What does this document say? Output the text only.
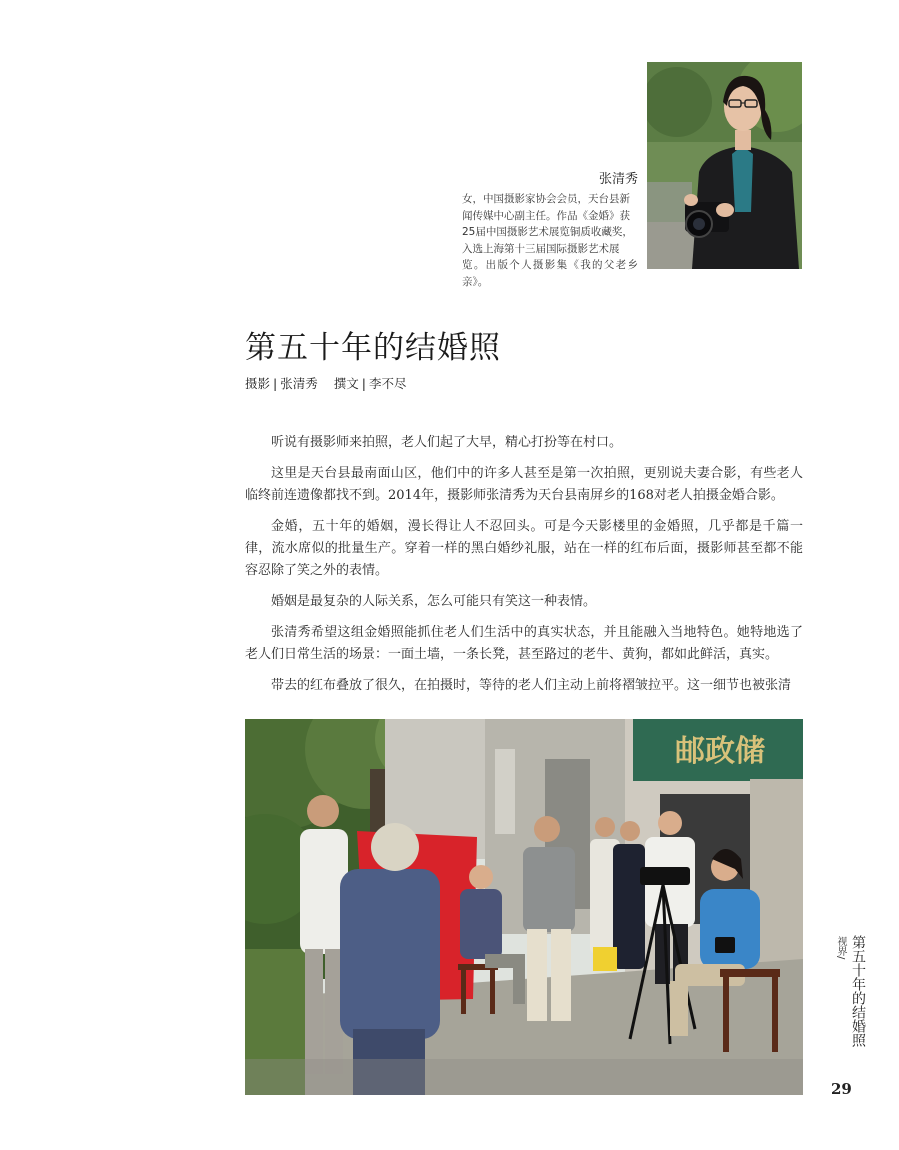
张清秀
女，中国摄影家协会会员，天台县新
闻传媒中心副主任。作品《金婚》获
25届中国摄影艺术展览铜质收藏奖，
入选上海第十三届国际摄影艺术展
览。出版个人摄影集《我的父老乡亲》。
第五十年的结婚照
摄影 | 张清秀 撰文 | 李不尽

听说有摄影师来拍照，老人们起了大早，精心打扮等在村口。

这里是天台县最南面山区，他们中的许多人甚至是第一次拍照，更别说夫妻合影，有些老人临终前连遗像都找不到。2014年，摄影师张清秀为天台县南屏乡的168对老人拍摄金婚合影。

金婚，五十年的婚姻，漫长得让人不忍回头。可是今天影楼里的金婚照，几乎都是千篇一律，流水席似的批量生产。穿着一样的黑白婚纱礼服，站在一样的红布后面，摄影师甚至都不能容忍除了笑之外的表情。

婚姻是最复杂的人际关系，怎么可能只有笑这一种表情。

张清秀希望这组金婚照能抓住老人们生活中的真实状态，并且能融入当地特色。她特地选了老人们日常生活的场景：一面土墙，一条长凳，甚至路过的老牛、黄狗，都如此鲜活，真实。

带去的红布叠放了很久，在拍摄时，等待的老人们主动上前将褶皱拉平。这一细节也被张清

邮政储
视界/ 第五十年的结婚照
29
